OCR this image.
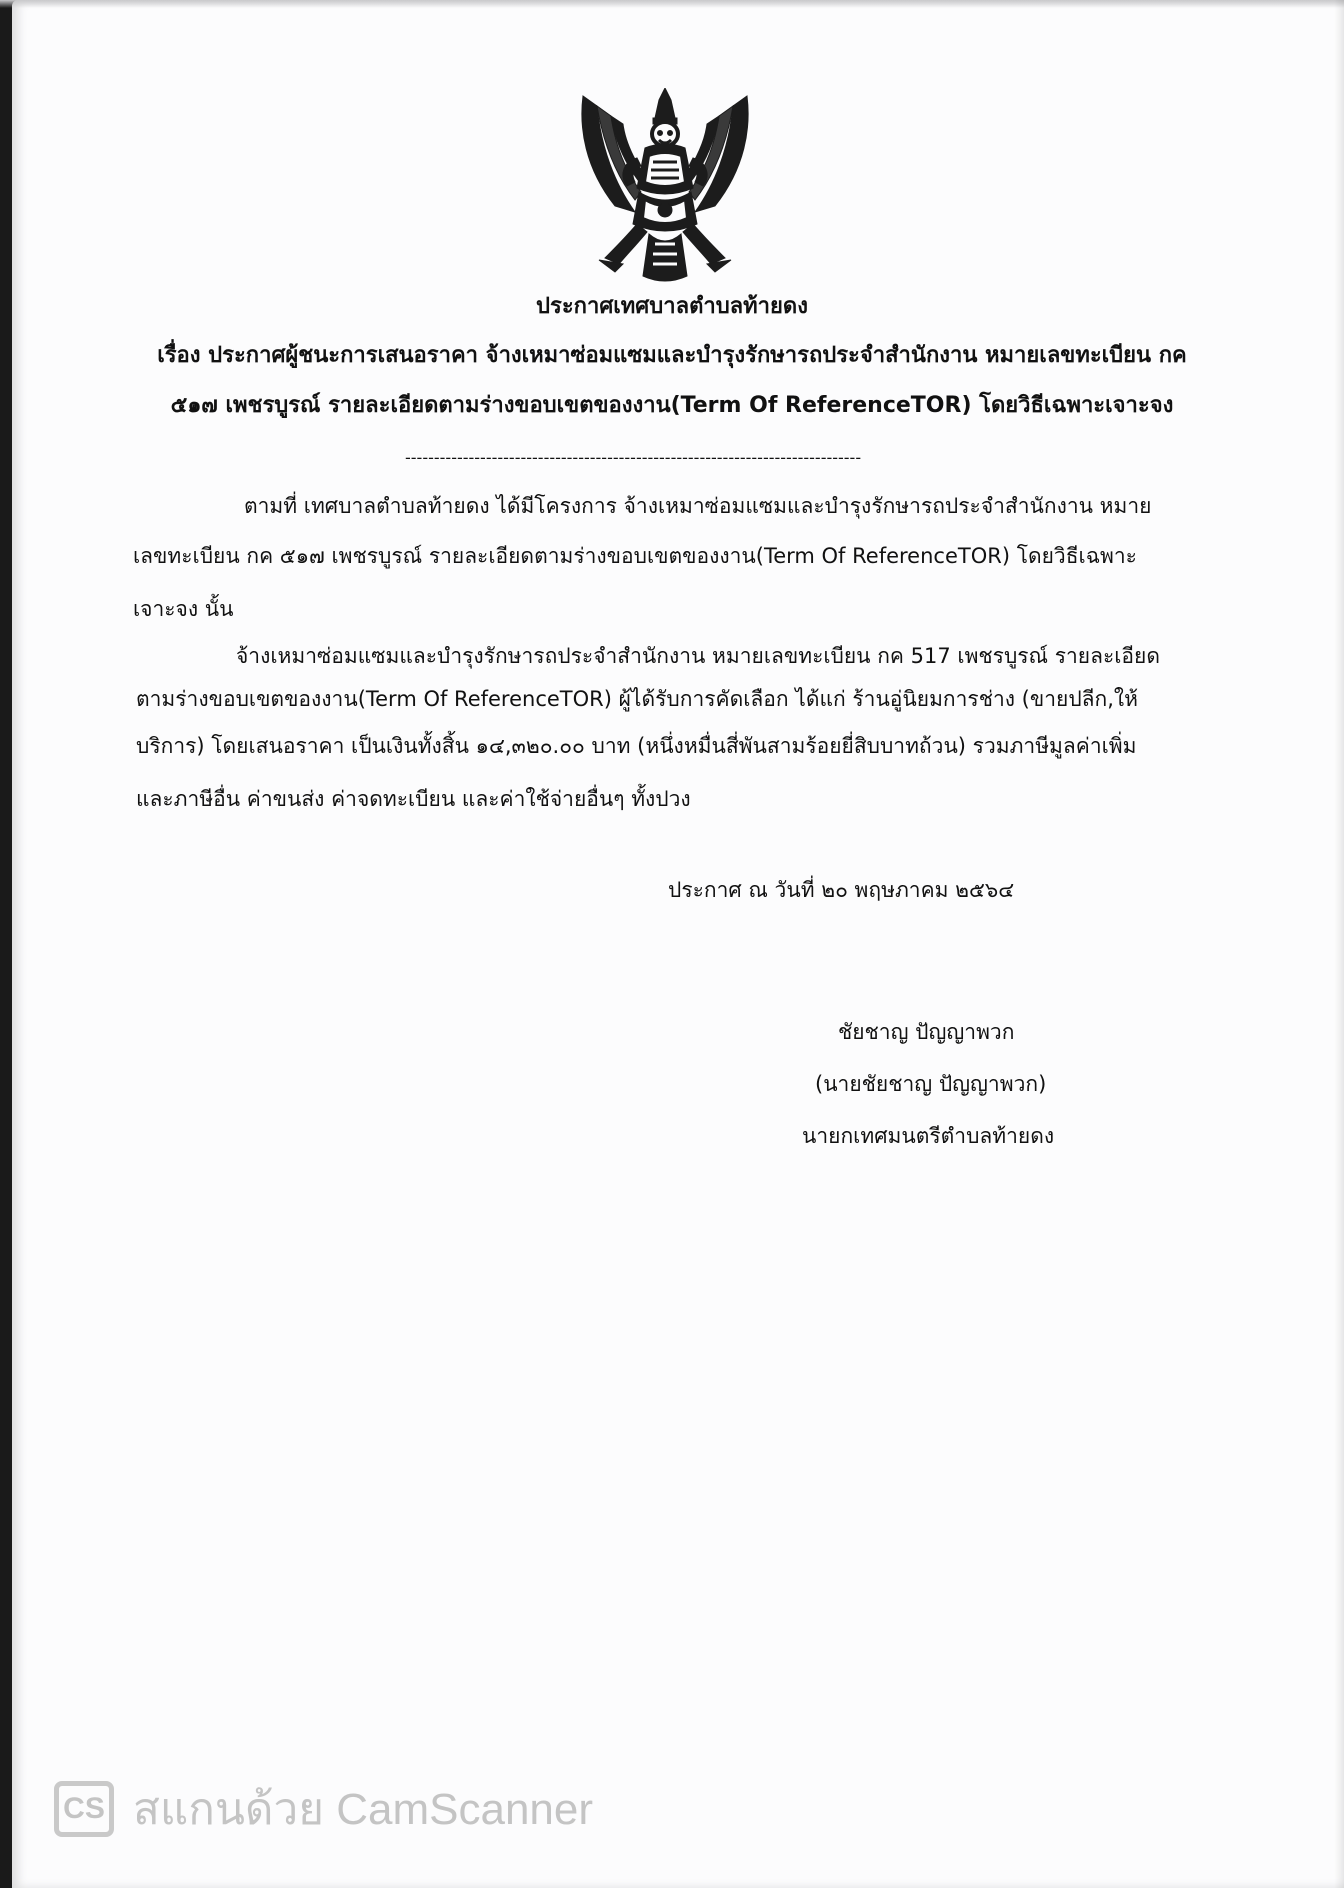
ประกาศเทศบาลตำบลท้ายดง
เรื่อง ประกาศผู้ชนะการเสนอราคา จ้างเหมาซ่อมแซมและบำรุงรักษารถประจำสำนักงาน หมายเลขทะเบียน กค
๕๑๗ เพชรบูรณ์ รายละเอียดตามร่างขอบเขตของงาน(Term Of ReferenceTOR) โดยวิธีเฉพาะเจาะจง
-------------------------------------------------------------------------------
ตามที่ เทศบาลตำบลท้ายดง ได้มีโครงการ จ้างเหมาซ่อมแซมและบำรุงรักษารถประจำสำนักงาน หมาย
เลขทะเบียน กค ๕๑๗ เพชรบูรณ์ รายละเอียดตามร่างขอบเขตของงาน(Term Of ReferenceTOR) โดยวิธีเฉพาะ
เจาะจง นั้น
จ้างเหมาซ่อมแซมและบำรุงรักษารถประจำสำนักงาน หมายเลขทะเบียน กค 517 เพชรบูรณ์ รายละเอียด
ตามร่างขอบเขตของงาน(Term Of ReferenceTOR) ผู้ได้รับการคัดเลือก ได้แก่ ร้านอู่นิยมการช่าง (ขายปลีก,ให้
บริการ) โดยเสนอราคา เป็นเงินทั้งสิ้น ๑๔,๓๒๐.๐๐ บาท (หนึ่งหมื่นสี่พันสามร้อยยี่สิบบาทถ้วน) รวมภาษีมูลค่าเพิ่ม
และภาษีอื่น ค่าขนส่ง ค่าจดทะเบียน และค่าใช้จ่ายอื่นๆ ทั้งปวง
ประกาศ ณ วันที่ ๒๐ พฤษภาคม ๒๕๖๔
ชัยชาญ ปัญญาพวก
(นายชัยชาญ ปัญญาพวก)
นายกเทศมนตรีตำบลท้ายดง
CS สแกนด้วย CamScanner
